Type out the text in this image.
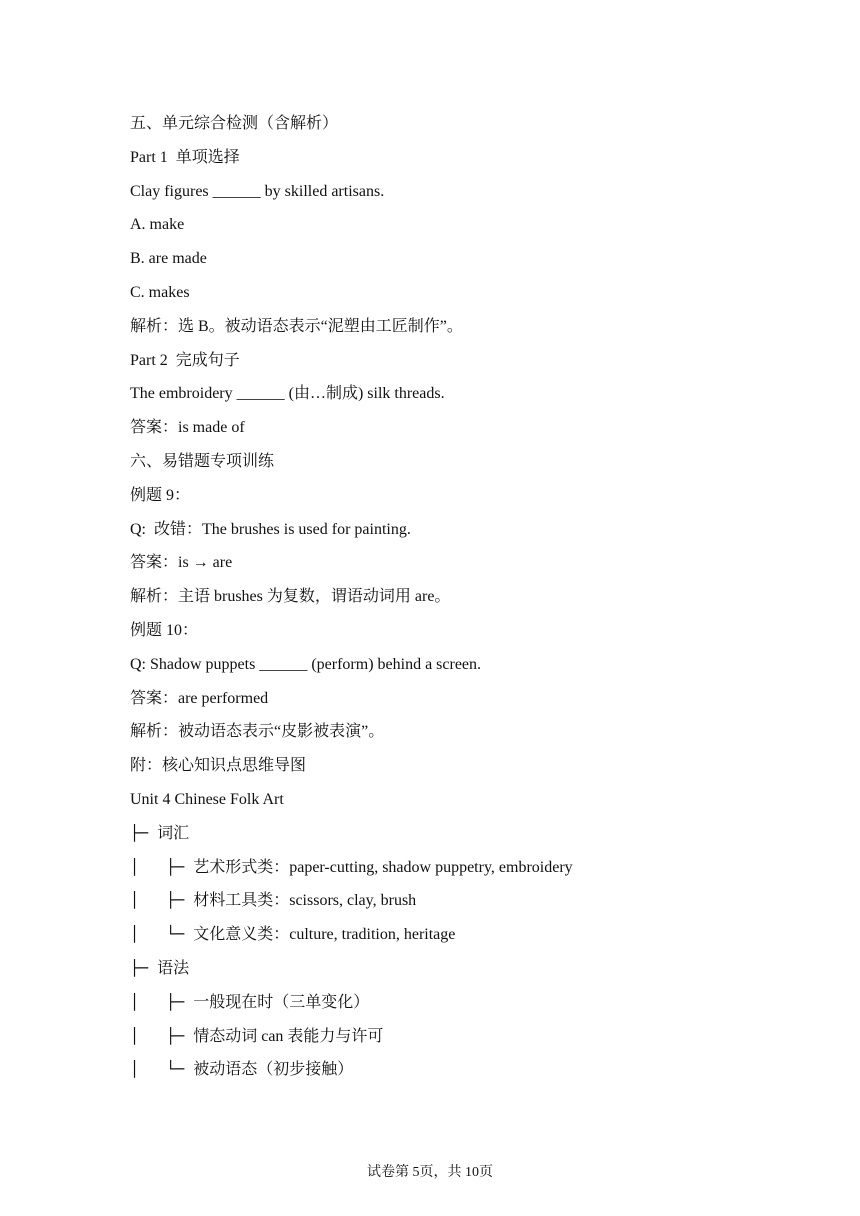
五、单元综合检测（含解析）
Part 1  单项选择
Clay figures ______ by skilled artisans.
A. make
B. are made
C. makes
解析：选 B。被动语态表示“泥塑由工匠制作”。
Part 2  完成句子
The embroidery ______ (由…制成) silk threads.
答案：is made of
六、易错题专项训练
例题 9：
Q:  改错：The brushes is used for painting.
答案：is → are
解析：主语 brushes 为复数，谓语动词用 are。
例题 10：
Q: Shadow puppets ______ (perform) behind a screen.
答案：are performed
解析：被动语态表示“皮影被表演”。
附：核心知识点思维导图
Unit 4 Chinese Folk Art
├─ 词汇
│   ├─ 艺术形式类：paper-cutting, shadow puppetry, embroidery
│   ├─ 材料工具类：scissors, clay, brush
│   └─ 文化意义类：culture, tradition, heritage
├─ 语法
│   ├─ 一般现在时（三单变化）
│   ├─ 情态动词 can 表能力与许可
│   └─ 被动语态（初步接触）
试卷第 5页，共 10页
